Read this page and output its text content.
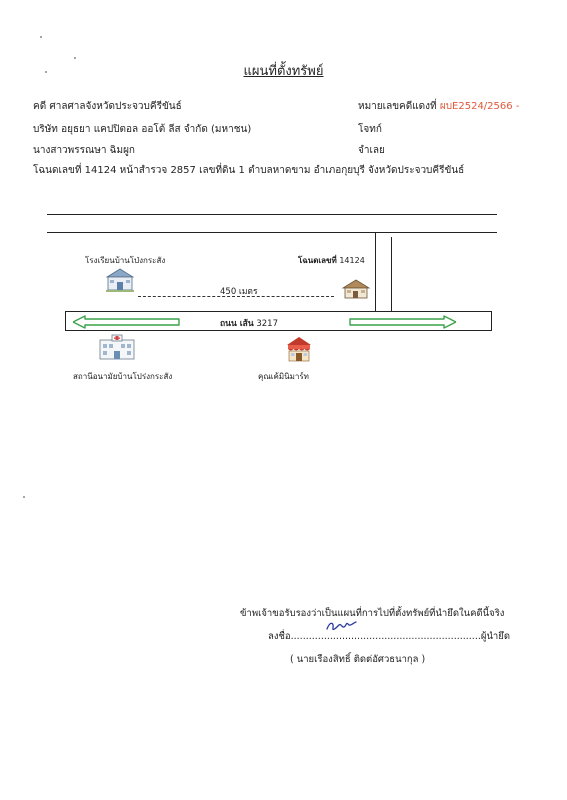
แผนที่ตั้งทรัพย์
คดี ศาลศาลจังหวัดประจวบคีรีขันธ์	หมายเลขคดีแดงที่ ผบE2524/2566 -
บริษัท อยุธยา แคปปิตอล ออโต้ ลีส จำกัด (มหาชน)	โจทก์
นางสาวพรรณษา ฉิมผูก	จำเลย
โฉนดเลขที่ 14124 หน้าสำรวจ 2857 เลขที่ดิน 1 ตำบลหาดขาม อำเภอกุยบุรี จังหวัดประจวบคีรีขันธ์
โรงเรียนบ้านโป่งกระสัง	โฉนดเลขที่ 14124
450 เมตร
ถนน เส้น 3217
สถานีอนามัยบ้านโปร่งกระสัง	คุณเค้มินิมาร์ท
ข้าพเจ้าขอรับรองว่าเป็นแผนที่การไปที่ตั้งทรัพย์ที่นำยึดในคดีนี้จริง
ลงชื่อ...............................................................ผู้นำยึด
( นายเรืองสิทธิ์ ติดต่อัศวธนากุล )
